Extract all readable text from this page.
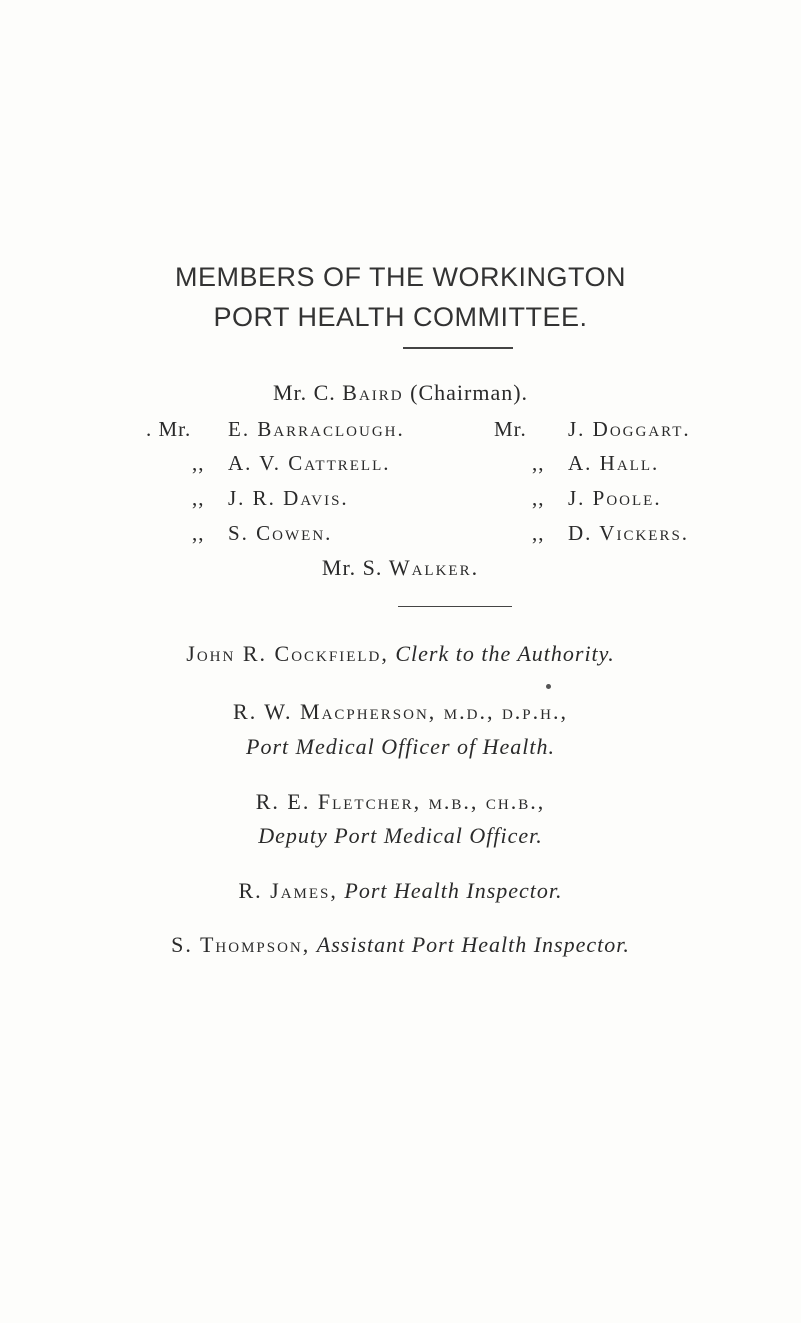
MEMBERS OF THE WORKINGTON
PORT HEALTH COMMITTEE.
Mr. C. Baird (Chairman).
. Mr. E. Barraclough.
,, A. V. Cattrell.
,, J. R. Davis.
,, S. Cowen.
Mr. J. Doggart.
,, A. Hall.
,, J. Poole.
,, D. Vickers.
Mr. S. Walker.
John R. Cockfield, Clerk to the Authority.
R. W. Macpherson, m.d., d.p.h.,
Port Medical Officer of Health.
R. E. Fletcher, m.b., ch.b.,
Deputy Port Medical Officer.
R. James, Port Health Inspector.
S. Thompson, Assistant Port Health Inspector.
